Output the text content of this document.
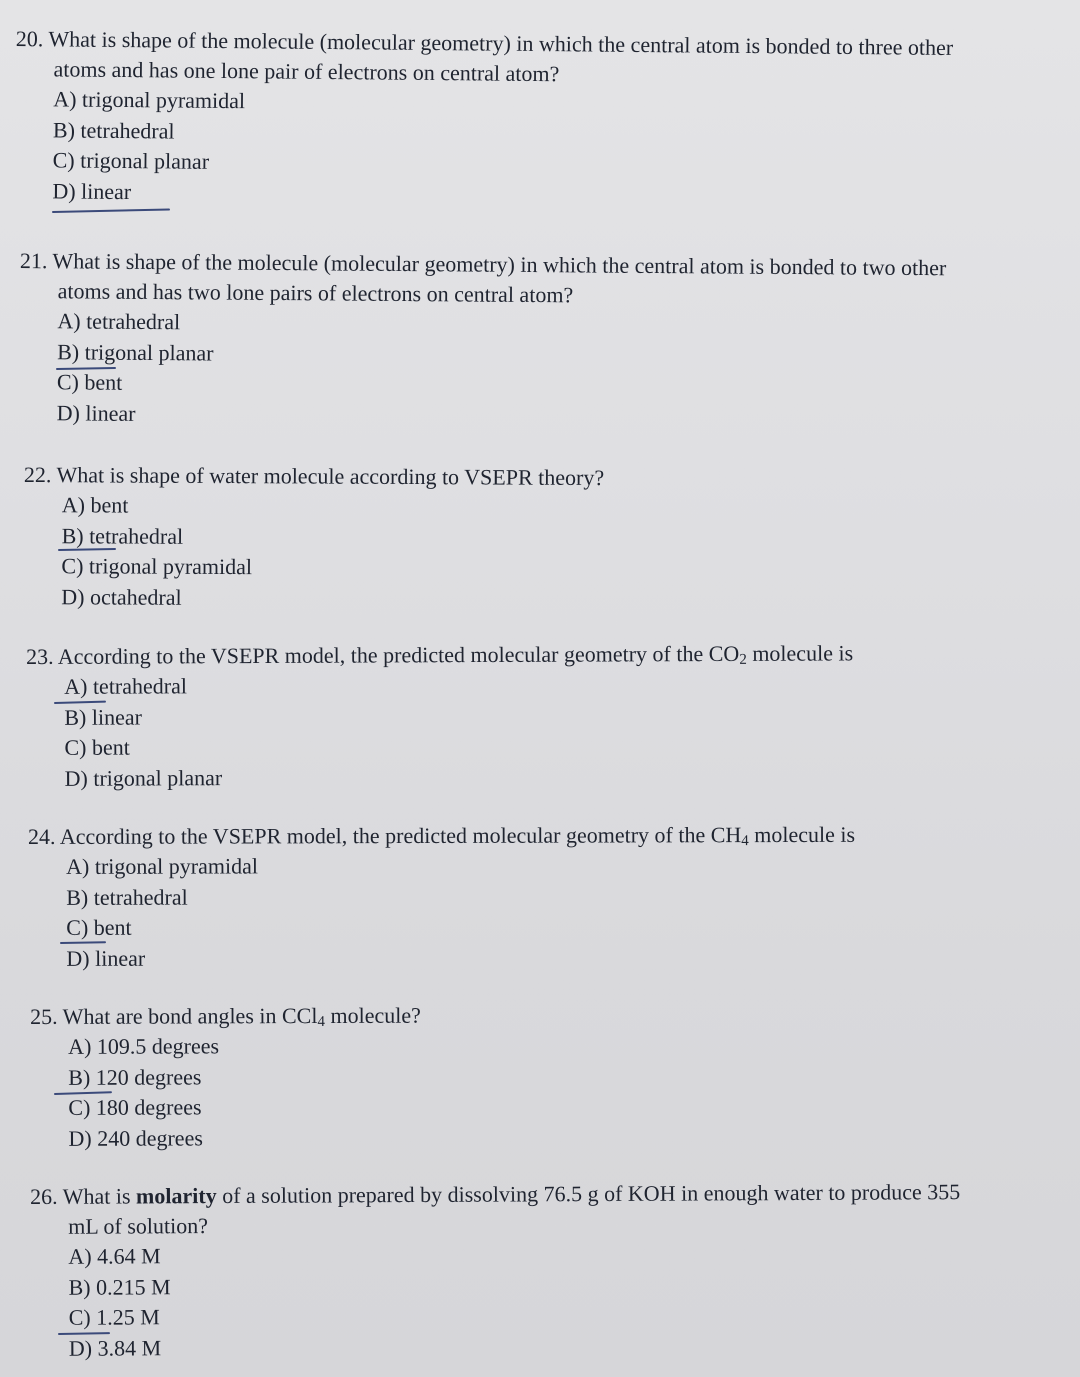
20. What is shape of the molecule (molecular geometry) in which the central atom is bonded to three other
atoms and has one lone pair of electrons on central atom?
A) trigonal pyramidal
B) tetrahedral
C) trigonal planar
D) linear
21. What is shape of the molecule (molecular geometry) in which the central atom is bonded to two other
atoms and has two lone pairs of electrons on central atom?
A) tetrahedral
B) trigonal planar
C) bent
D) linear
22. What is shape of water molecule according to VSEPR theory?
A) bent
B) tetrahedral
C) trigonal pyramidal
D) octahedral
23. According to the VSEPR model, the predicted molecular geometry of the $CO_2$ molecule is
A) tetrahedral
B) linear
C) bent
D) trigonal planar
24. According to the VSEPR model, the predicted molecular geometry of the $CH_4$ molecule is
A) trigonal pyramidal
B) tetrahedral
C) bent
D) linear
25. What are bond angles in CCl$_4$ molecule?
A) 109.5 degrees
B) 120 degrees
C) 180 degrees
D) 240 degrees
26. What is molarity of a solution prepared by dissolving 76.5 g of KOH in enough water to produce 355
mL of solution?
A) 4.64 M
B) 0.215 M
C) 1.25 M
D) 3.84 M
